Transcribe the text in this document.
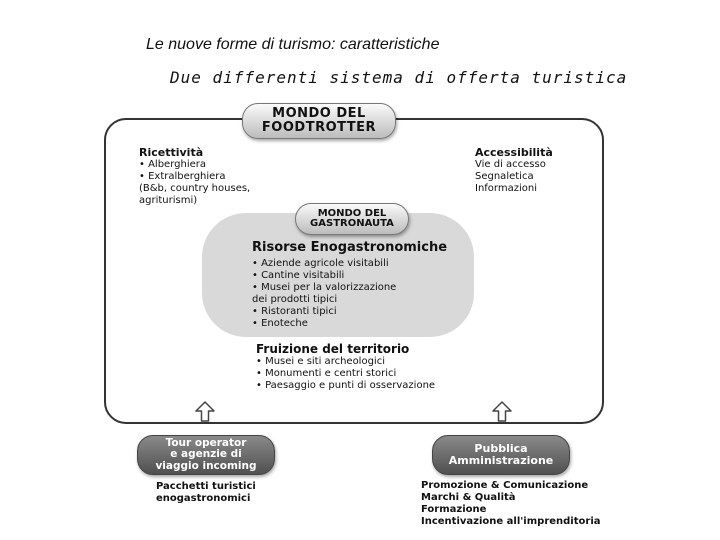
Le nuove forme di turismo: caratteristiche
Due differenti sistema di offerta turistica
MONDO DEL
FOODTROTTER
Ricettività
• Alberghiera
• Extralberghiera
(B&b, country houses,
agriturismi)
Accessibilità
Vie di accesso
Segnaletica
Informazioni
MONDO DEL
GASTRONAUTA
Risorse Enogastronomiche
• Aziende agricole visitabili
• Cantine visitabili
• Musei per la valorizzazione
dei prodotti tipici
• Ristoranti tipici
• Enoteche
Fruizione del territorio
• Musei e siti archeologici
• Monumenti e centri storici
• Paesaggio e punti di osservazione
Tour operator
e agenzie di
viaggio incoming
Pubblica
Amministrazione
Pacchetti turistici
enogastronomici
Promozione & Comunicazione
Marchi & Qualità
Formazione
Incentivazione all'imprenditoria
